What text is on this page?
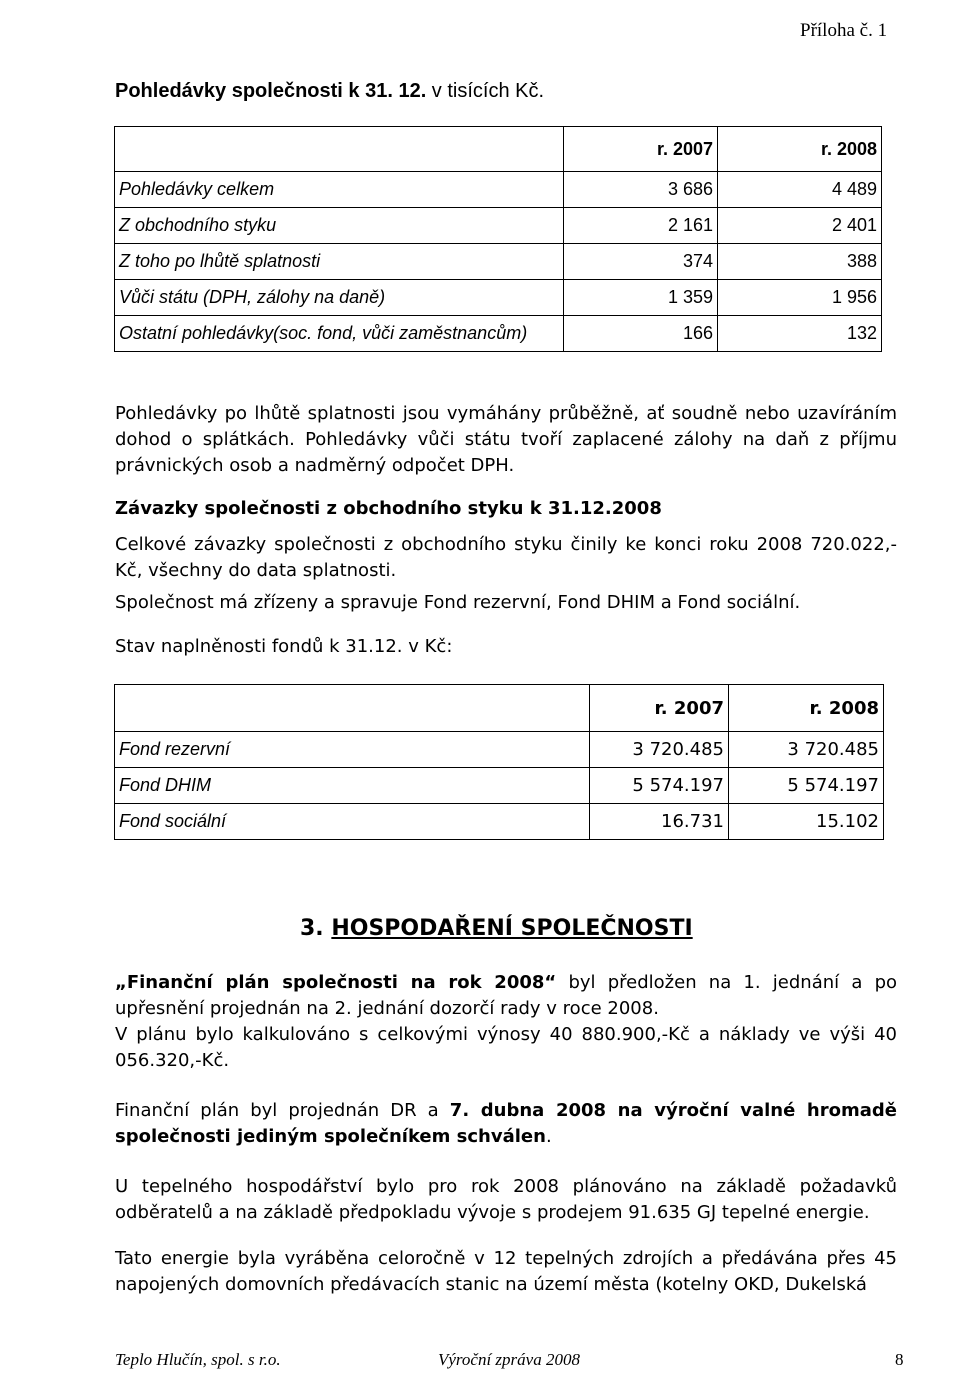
Příloha č. 1
Pohledávky společnosti k 31. 12. v tisících Kč.
	r. 2007	r. 2008
Pohledávky celkem	3 686	4 489
Z obchodního styku	2 161	2 401
Z toho po lhůtě splatnosti	374	388
Vůči státu (DPH, zálohy na daně)	1 359	1 956
Ostatní pohledávky(soc. fond, vůči zaměstnancům)	166	132
Pohledávky po lhůtě splatnosti jsou vymáhány průběžně, ať soudně nebo uzavíráním dohod o splátkách. Pohledávky vůči státu tvoří zaplacené zálohy na daň z příjmu právnických osob a nadměrný odpočet DPH.
Závazky společnosti z obchodního styku k 31.12.2008
Celkové závazky společnosti z obchodního styku činily ke konci roku 2008 720.022,- Kč, všechny do data splatnosti.
Společnost má zřízeny a spravuje Fond rezervní, Fond DHIM a Fond sociální.
Stav naplněnosti fondů k 31.12. v Kč:
	r. 2007	r. 2008
Fond rezervní	3 720.485	3 720.485
Fond DHIM	5 574.197	5 574.197
Fond sociální	16.731	15.102
3. HOSPODAŘENÍ SPOLEČNOSTI
„Finanční plán společnosti na rok 2008“ byl předložen na 1. jednání a po upřesnění projednán na 2. jednání dozorčí rady v roce 2008.
V plánu bylo kalkulováno s celkovými výnosy 40 880.900,-Kč a náklady ve výši 40 056.320,-Kč.
Finanční plán byl projednán DR a 7. dubna 2008 na výroční valné hromadě společnosti jediným společníkem schválen.
U tepelného hospodářství bylo pro rok 2008 plánováno na základě požadavků odběratelů a na základě předpokladu vývoje s prodejem 91.635 GJ tepelné energie.
Tato energie byla vyráběna celoročně v 12 tepelných zdrojích a předávána přes 45 napojených domovních předávacích stanic na území města (kotelny OKD, Dukelská
Teplo Hlučín, spol. s r.o.	Výroční zpráva 2008	8
